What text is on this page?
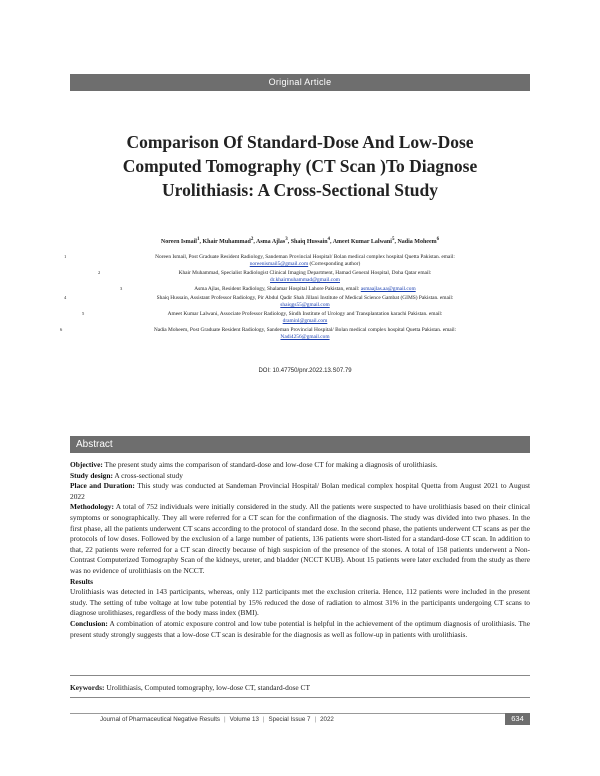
Original Article
Comparison Of Standard-Dose And Low-Dose
Computed Tomography (CT Scan )To Diagnose
Urolithiasis: A Cross-Sectional Study
Noreen Ismail$^1$, Khair Muhammad$^2$, Asma Ajlas$^3$, Shaiq Hussain$^4$, Ameet Kumar Lalwani$^5$, Nadia Moheem$^6$
1	Noreen Ismail, Post Graduate Resident Radiology, Sandeman Provincial Hospital/ Bolan medical complex hospital Quetta Pakistan. email:
noreenismail5@gmail.com (Corresponding author)
2	Khair Muhammad, Specialist Radiologist Clinical Imaging Department, Hamad General Hospital, Doha Qatar email:
dr.khairmuhammad@gmail.com
3	Asma Ajlas, Resident Radiology, Shalamar Hospital Lahore Pakistan, email: asmaajlas.aa@gmail.com
4	Shaiq Hussain, Assistant Professor Radiology, Pir Abdul Qadir Shah Jillani Institute of Medical Science Gambat (GIMS) Pakistan. email:
shaiqgs55@gmail.com
5	Ameet Kumar Lalwani, Associate Professor Radiology, Sindh Institute of Urology and Transplantation karachi Pakistan. email:
draminl@gmail.com
6	Nadia Moheem, Post Graduate Resident Radiology, Sandeman Provincial Hospital/ Bolan medical complex hospital Quetta Pakistan. email:
Nadi4256@gmail.com
DOI: 10.47750/pnr.2022.13.S07.79
Abstract

Objective: The present study aims the comparison of standard-dose and low-dose CT for making a diagnosis of urolithiasis.

Study design: A cross-sectional study

Place and Duration: This study was conducted at Sandeman Provincial Hospital/ Bolan medical complex hospital Quetta from August 2021 to August 2022

Methodology: A total of 752 individuals were initially considered in the study. All the patients were suspected to have urolithiasis based on their clinical symptoms or sonographically. They all were referred for a CT scan for the confirmation of the diagnosis. The study was divided into two phases. In the first phase, all the patients underwent CT scans according to the protocol of standard dose. In the second phase, the patients underwent CT scans as per the protocols of low doses. Followed by the exclusion of a large number of patients, 136 patients were short-listed for a standard-dose CT scan. In addition to that, 22 patients were referred for a CT scan directly because of high suspicion of the presence of the stones. A total of 158 patients underwent a Non-Contrast Computerized Tomography Scan of the kidneys, ureter, and bladder (NCCT KUB). About 15 patients were later excluded from the study as there was no evidence of urolithiasis on the NCCT.

Results

Urolithiasis was detected in 143 participants, whereas, only 112 participants met the exclusion criteria. Hence, 112 patients were included in the present study. The setting of tube voltage at low tube potential by 15% reduced the dose of radiation to almost 31% in the participants undergoing CT scans to diagnose urolithiases, regardless of the body mass index (BMI).

Conclusion: A combination of atomic exposure control and low tube potential is helpful in the achievement of the optimum diagnosis of urolithiasis. The present study strongly suggests that a low-dose CT scan is desirable for the diagnosis as well as follow-up in patients with urolithiasis.

Keywords: Urolithiasis, Computed tomography, low-dose CT, standard-dose CT
Journal of Pharmaceutical Negative Results | Volume 13 | Special Issue 7 | 2022	634
